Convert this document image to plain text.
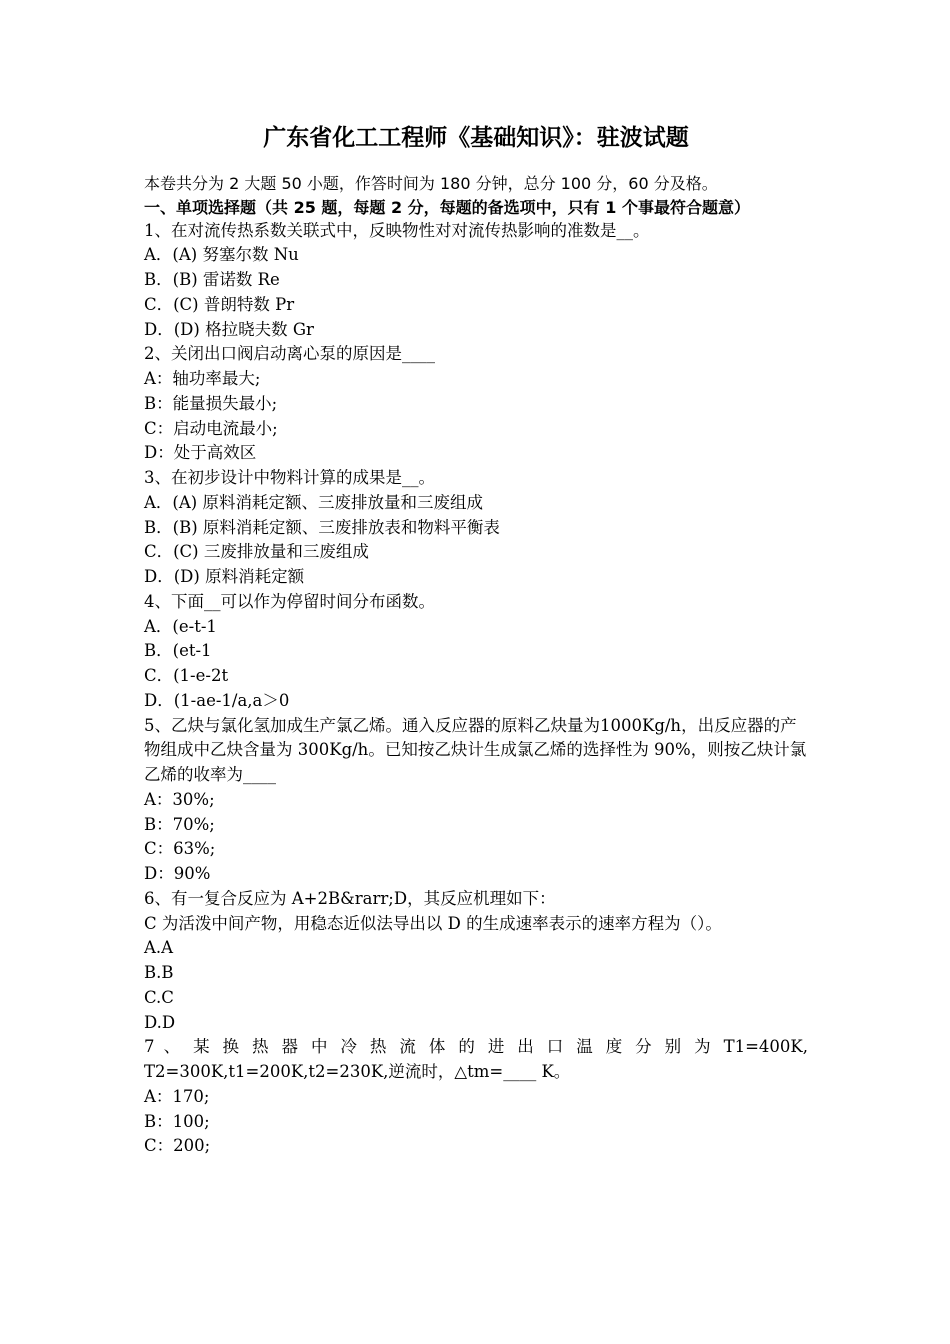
广东省化工工程师《基础知识》：驻波试题
本卷共分为 2 大题 50 小题，作答时间为 180 分钟，总分 100 分，60 分及格。
一、单项选择题（共 25 题，每题 2 分，每题的备选项中，只有 1 个事最符合题意）
1、在对流传热系数关联式中，反映物性对对流传热影响的准数是__。
A．(A) 努塞尔数 Nu
B．(B) 雷诺数 Re
C．(C) 普朗特数 Pr
D．(D) 格拉晓夫数 Gr
2、关闭出口阀启动离心泵的原因是____
A：轴功率最大;
B：能量损失最小;
C：启动电流最小;
D：处于高效区
3、在初步设计中物料计算的成果是__。
A．(A) 原料消耗定额、三废排放量和三废组成
B．(B) 原料消耗定额、三废排放表和物料平衡表
C．(C) 三废排放量和三废组成
D．(D) 原料消耗定额
4、下面__可以作为停留时间分布函数。
A．(e-t-1
B．(et-1
C．(1-e-2t
D．(1-ae-1/a,a＞0
5、乙炔与氯化氢加成生产氯乙烯。通入反应器的原料乙炔量为1000Kg/h，出反应器的产物组成中乙炔含量为 300Kg/h。已知按乙炔计生成氯乙烯的选择性为 90%，则按乙炔计氯乙烯的收率为____
A：30%;
B：70%;
C：63%;
D：90%
6、有一复合反应为 A+2B&rarr;D，其反应机理如下：
C 为活泼中间产物，用稳态近似法导出以 D 的生成速率表示的速率方程为（）。
A.A
B.B
C.C
D.D
7 、 某 换 热 器 中 冷 热 流 体 的 进 出 口 温 度 分 别 为 T1=400K,
T2=300K,t1=200K,t2=230K,逆流时，△tm=____ K。
A：170;
B：100;
C：200;
